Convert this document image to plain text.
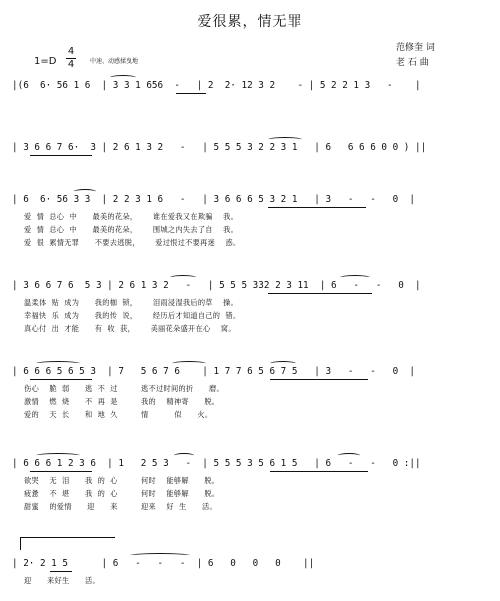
爱很累，情无罪
1=D
4
4	中速、动感揉曳地
范修奎 词
老 石 曲
|(6  6· 56 1 6  | 3 3 1 656  -   | 2  2· 12 3 2    - | 5 2 2 1 3   -    |
| 3 6 6 7 6·  3 | 2 6 1 3 2   -   | 5 5 5 3 2 2 3 1   | 6   6 6 6 0 0 ) ||
| 6  6· 56 3 3  | 2 2 3 1 6   -   | 3 6 6 6 5 3 2 1   | 3   -   -   0  |
爱  情  总心  中      最美的花朵，      谁在爱我又在欺骗    我。
爱  情  总心  中      最美的花朵，      围城之内失去了自    我。
爱  很  累情无罪      不要去逃脱，      爱过恨过不要再迷    惑。
| 3 6 6 7 6  5 3 | 2 6 1 3 2   -   | 5 5 5 332 2 3 11  | 6   -   -   0  |
温柔体  贴  成为      我的枷  锁，      泪雨浸湿我后的草    操。
幸福快  乐  成为      我的传  说，      经历后才知道自己的  错。
真心付  出  才能      有  收  获，      美丽花朵盛开在心    窝。
| 6 6 6 5 6 5 3  | 7   5 6 7 6    | 1 7 7 6 5 6 7 5   | 3   -   -   0  |
伤心    脆  弱      逃  不  过         逃不过时间的折      磨。
激情    燃  烧      不  再  是         我的    精神寄      脱。
爱的    天  长      和  地  久         情          似      火。
| 6 6 6 1 2 3 6  | 1   2 5 3   -  | 5 5 5 3 5 6 1 5   | 6   -   -   0 :||
欲哭    无  泪      我  的  心         何时    能够解      脱。
疲惫    不  堪      我  的  心         何时    能够解      脱。
甜蜜    的爱情      迎      来         迎来    好  生      活。
| 2· 2 1 5      | 6   -   -   -  | 6   0   0   0    ||
迎      来好生      活。
